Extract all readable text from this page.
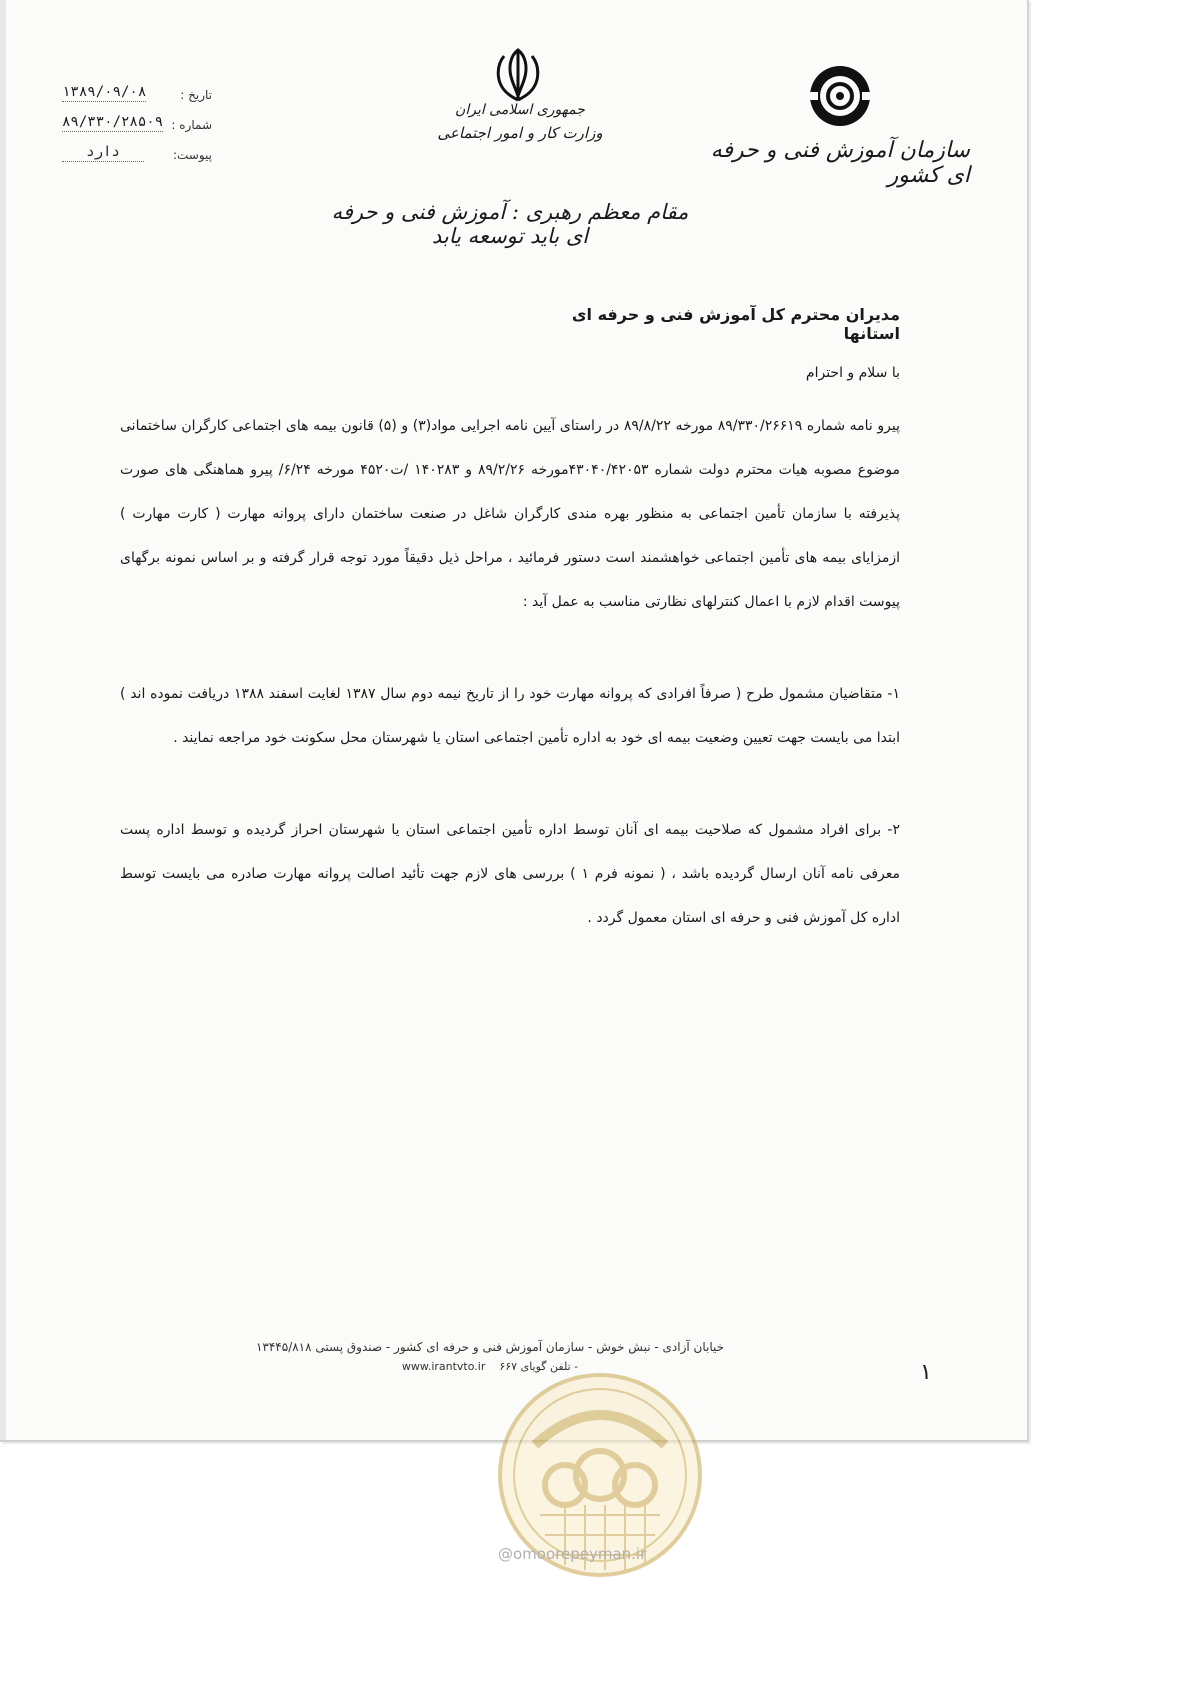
۱۳۸۹/۰۹/۰۸	تاریخ :
۸۹/۳۳۰/۲۸۵۰۹ شماره :
دارد	پیوست:
جمهوری اسلامی ایران
وزارت کار و امور اجتماعی
سازمان آموزش فنی و حرفه ای کشور
مقام معظم رهبری : آموزش فنی و حرفه ای باید توسعه یابد
مدیران محترم کل آموزش فنی و حرفه ای استانها
با سلام و احترام
پیرو نامه شماره ۸۹/۳۳۰/۲۶۶۱۹ مورخه ۸۹/۸/۲۲ در راستای آیین نامه اجرایی مواد(۳) و (۵) قانون بیمه های اجتماعی کارگران ساختمانی موضوع مصوبه هیات محترم دولت شماره ۴۳۰۴۰/۴۲۰۵۳مورخه ۸۹/۲/۲۶ و ۱۴۰۲۸۳ /ت۴۵۲۰ مورخه ۶/۲۴/ پیرو هماهنگی های صورت پذیرفته با سازمان تأمین اجتماعی به منظور بهره مندی کارگران شاغل در صنعت ساختمان دارای پروانه مهارت ( کارت مهارت ) ازمزایای بیمه های تأمین اجتماعی خواهشمند است دستور فرمائید ، مراحل ذیل دقیقاً مورد توجه قرار گرفته و بر اساس نمونه برگهای پیوست اقدام لازم با اعمال کنترلهای نظارتی مناسب به عمل آید :
۱- متقاضیان مشمول طرح ( صرفاً افرادی که پروانه مهارت خود را از تاریخ نیمه دوم سال ۱۳۸۷ لغایت اسفند ۱۳۸۸ دریافت نموده اند ) ابتدا می بایست جهت تعیین وضعیت بیمه ای خود به اداره تأمین اجتماعی استان یا شهرستان محل سکونت خود مراجعه نمایند .
۲- برای افراد مشمول که صلاحیت بیمه ای آنان توسط اداره تأمین اجتماعی استان یا شهرستان احراز گردیده و توسط اداره پست معرفی نامه آنان ارسال گردیده باشد ، ( نمونه فرم ۱ ) بررسی های لازم جهت تأئید اصالت پروانه مهارت صادره می بایست توسط اداره کل آموزش فنی و حرفه ای استان معمول گردد .
خیابان آزادی - نبش خوش - سازمان آموزش فنی و حرفه ای کشور - صندوق پستی ۱۳۴۴۵/۸۱۸
www.irantvto.ir تلفن گویای ۶۶۷ -	۱
@omoorepeyman.ir
